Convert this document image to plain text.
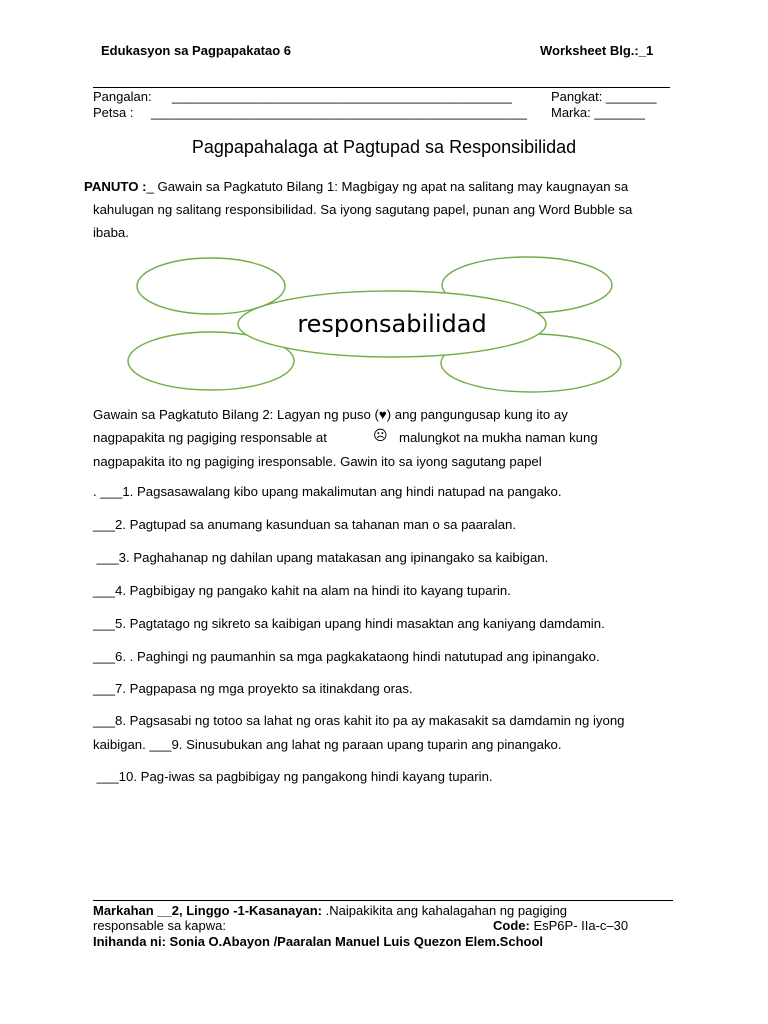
Edukasyon sa Pagpapakatao 6	Worksheet Blg.:_1
Pangalan: _______________________________________________	Pangkat: _______
Petsa : ____________________________________________________ Marka: _______
Pagpapahalaga at Pagtupad sa Responsibilidad
PANUTO :_ Gawain sa Pagkatuto Bilang 1: Magbigay ng apat na salitang may kaugnayan sa
kahulugan ng salitang responsibilidad. Sa iyong sagutang papel, punan ang Word Bubble sa
ibaba.
responsabilidad
Gawain sa Pagkatuto Bilang 2: Lagyan ng puso (♥) ang pangungusap kung ito ay
nagpapakita ng pagiging responsable at	☹ malungkot na mukha naman kung
nagpapakita ito ng pagiging iresponsable. Gawin ito sa iyong sagutang papel
. ___1. Pagsasawalang kibo upang makalimutan ang hindi natupad na pangako.
___2. Pagtupad sa anumang kasunduan sa tahanan man o sa paaralan.
___3. Paghahanap ng dahilan upang matakasan ang ipinangako sa kaibigan.
___4. Pagbibigay ng pangako kahit na alam na hindi ito kayang tuparin.
___5. Pagtatago ng sikreto sa kaibigan upang hindi masaktan ang kaniyang damdamin.
___6. . Paghingi ng paumanhin sa mga pagkakataong hindi natutupad ang ipinangako.
___7. Pagpapasa ng mga proyekto sa itinakdang oras.
___8. Pagsasabi ng totoo sa lahat ng oras kahit ito pa ay makasakit sa damdamin ng iyong
kaibigan. ___9. Sinusubukan ang lahat ng paraan upang tuparin ang pinangako.
___10. Pag-iwas sa pagbibigay ng pangakong hindi kayang tuparin.
Markahan __2, Linggo -1-Kasanayan: .Naipakikita ang kahalagahan ng pagiging
responsable sa kapwa:	Code: EsP6P- IIa-c–30
Inihanda ni: Sonia O.Abayon /Paaralan Manuel Luis Quezon Elem.School
